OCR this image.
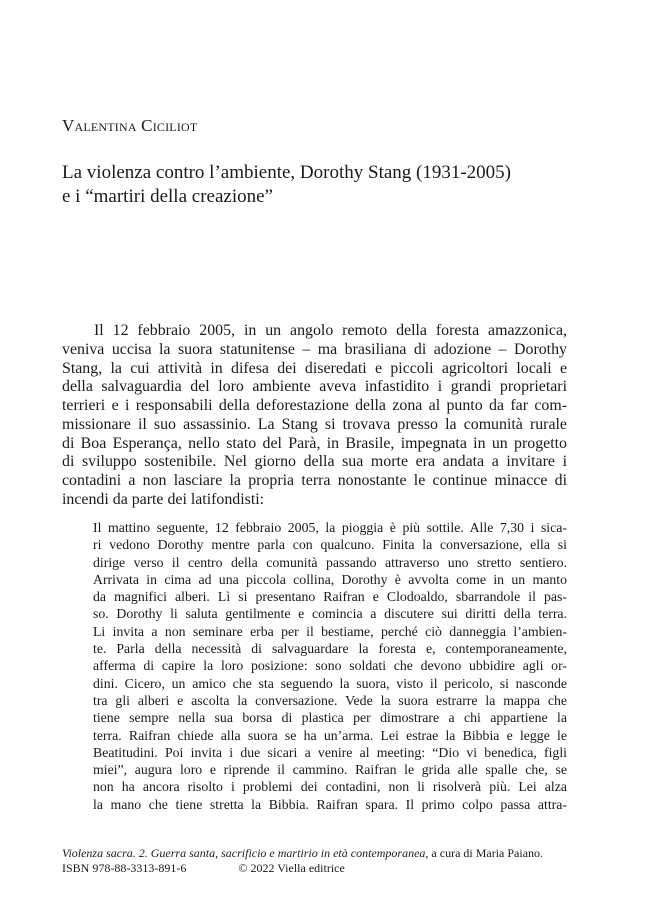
Valentina Ciciliot
La violenza contro l’ambiente, Dorothy Stang (1931-2005)
e i “martiri della creazione”
Il 12 febbraio 2005, in un angolo remoto della foresta amazzonica,
veniva uccisa la suora statunitense – ma brasiliana di adozione – Dorothy
Stang, la cui attività in difesa dei diseredati e piccoli agricoltori locali e
della salvaguardia del loro ambiente aveva infastidito i grandi proprietari
terrieri e i responsabili della deforestazione della zona al punto da far com-
missionare il suo assassinio. La Stang si trovava presso la comunità rurale
di Boa Esperança, nello stato del Parà, in Brasile, impegnata in un progetto
di sviluppo sostenibile. Nel giorno della sua morte era andata a invitare i
contadini a non lasciare la propria terra nonostante le continue minacce di
incendi da parte dei latifondisti:
Il mattino seguente, 12 febbraio 2005, la pioggia è più sottile. Alle 7,30 i sica-
ri vedono Dorothy mentre parla con qualcuno. Finita la conversazione, ella si
dirige verso il centro della comunità passando attraverso uno stretto sentiero.
Arrivata in cima ad una piccola collina, Dorothy è avvolta come in un manto
da magnifici alberi. Lì si presentano Raifran e Clodoaldo, sbarrandole il pas-
so. Dorothy li saluta gentilmente e comincia a discutere sui diritti della terra.
Li invita a non seminare erba per il bestiame, perché ciò danneggia l’ambien-
te. Parla della necessità di salvaguardare la foresta e, contemporaneamente,
afferma di capire la loro posizione: sono soldati che devono ubbidire agli or-
dini. Cicero, un amico che sta seguendo la suora, visto il pericolo, si nasconde
tra gli alberi e ascolta la conversazione. Vede la suora estrarre la mappa che
tiene sempre nella sua borsa di plastica per dimostrare a chi appartiene la
terra. Raifran chiede alla suora se ha un’arma. Lei estrae la Bibbia e legge le
Beatitudini. Poi invita i due sicari a venire al meeting: “Dio vi benedica, figli
miei”, augura loro e riprende il cammino. Raifran le grida alle spalle che, se
non ha ancora risolto i problemi dei contadini, non li risolverà più. Lei alza
la mano che tiene stretta la Bibbia. Raifran spara. Il primo colpo passa attra-
Violenza sacra. 2. Guerra santa, sacrificio e martirio in età contemporanea, a cura di Maria Paiano.
ISBN 978-88-3313-891-6	© 2022 Viella editrice
